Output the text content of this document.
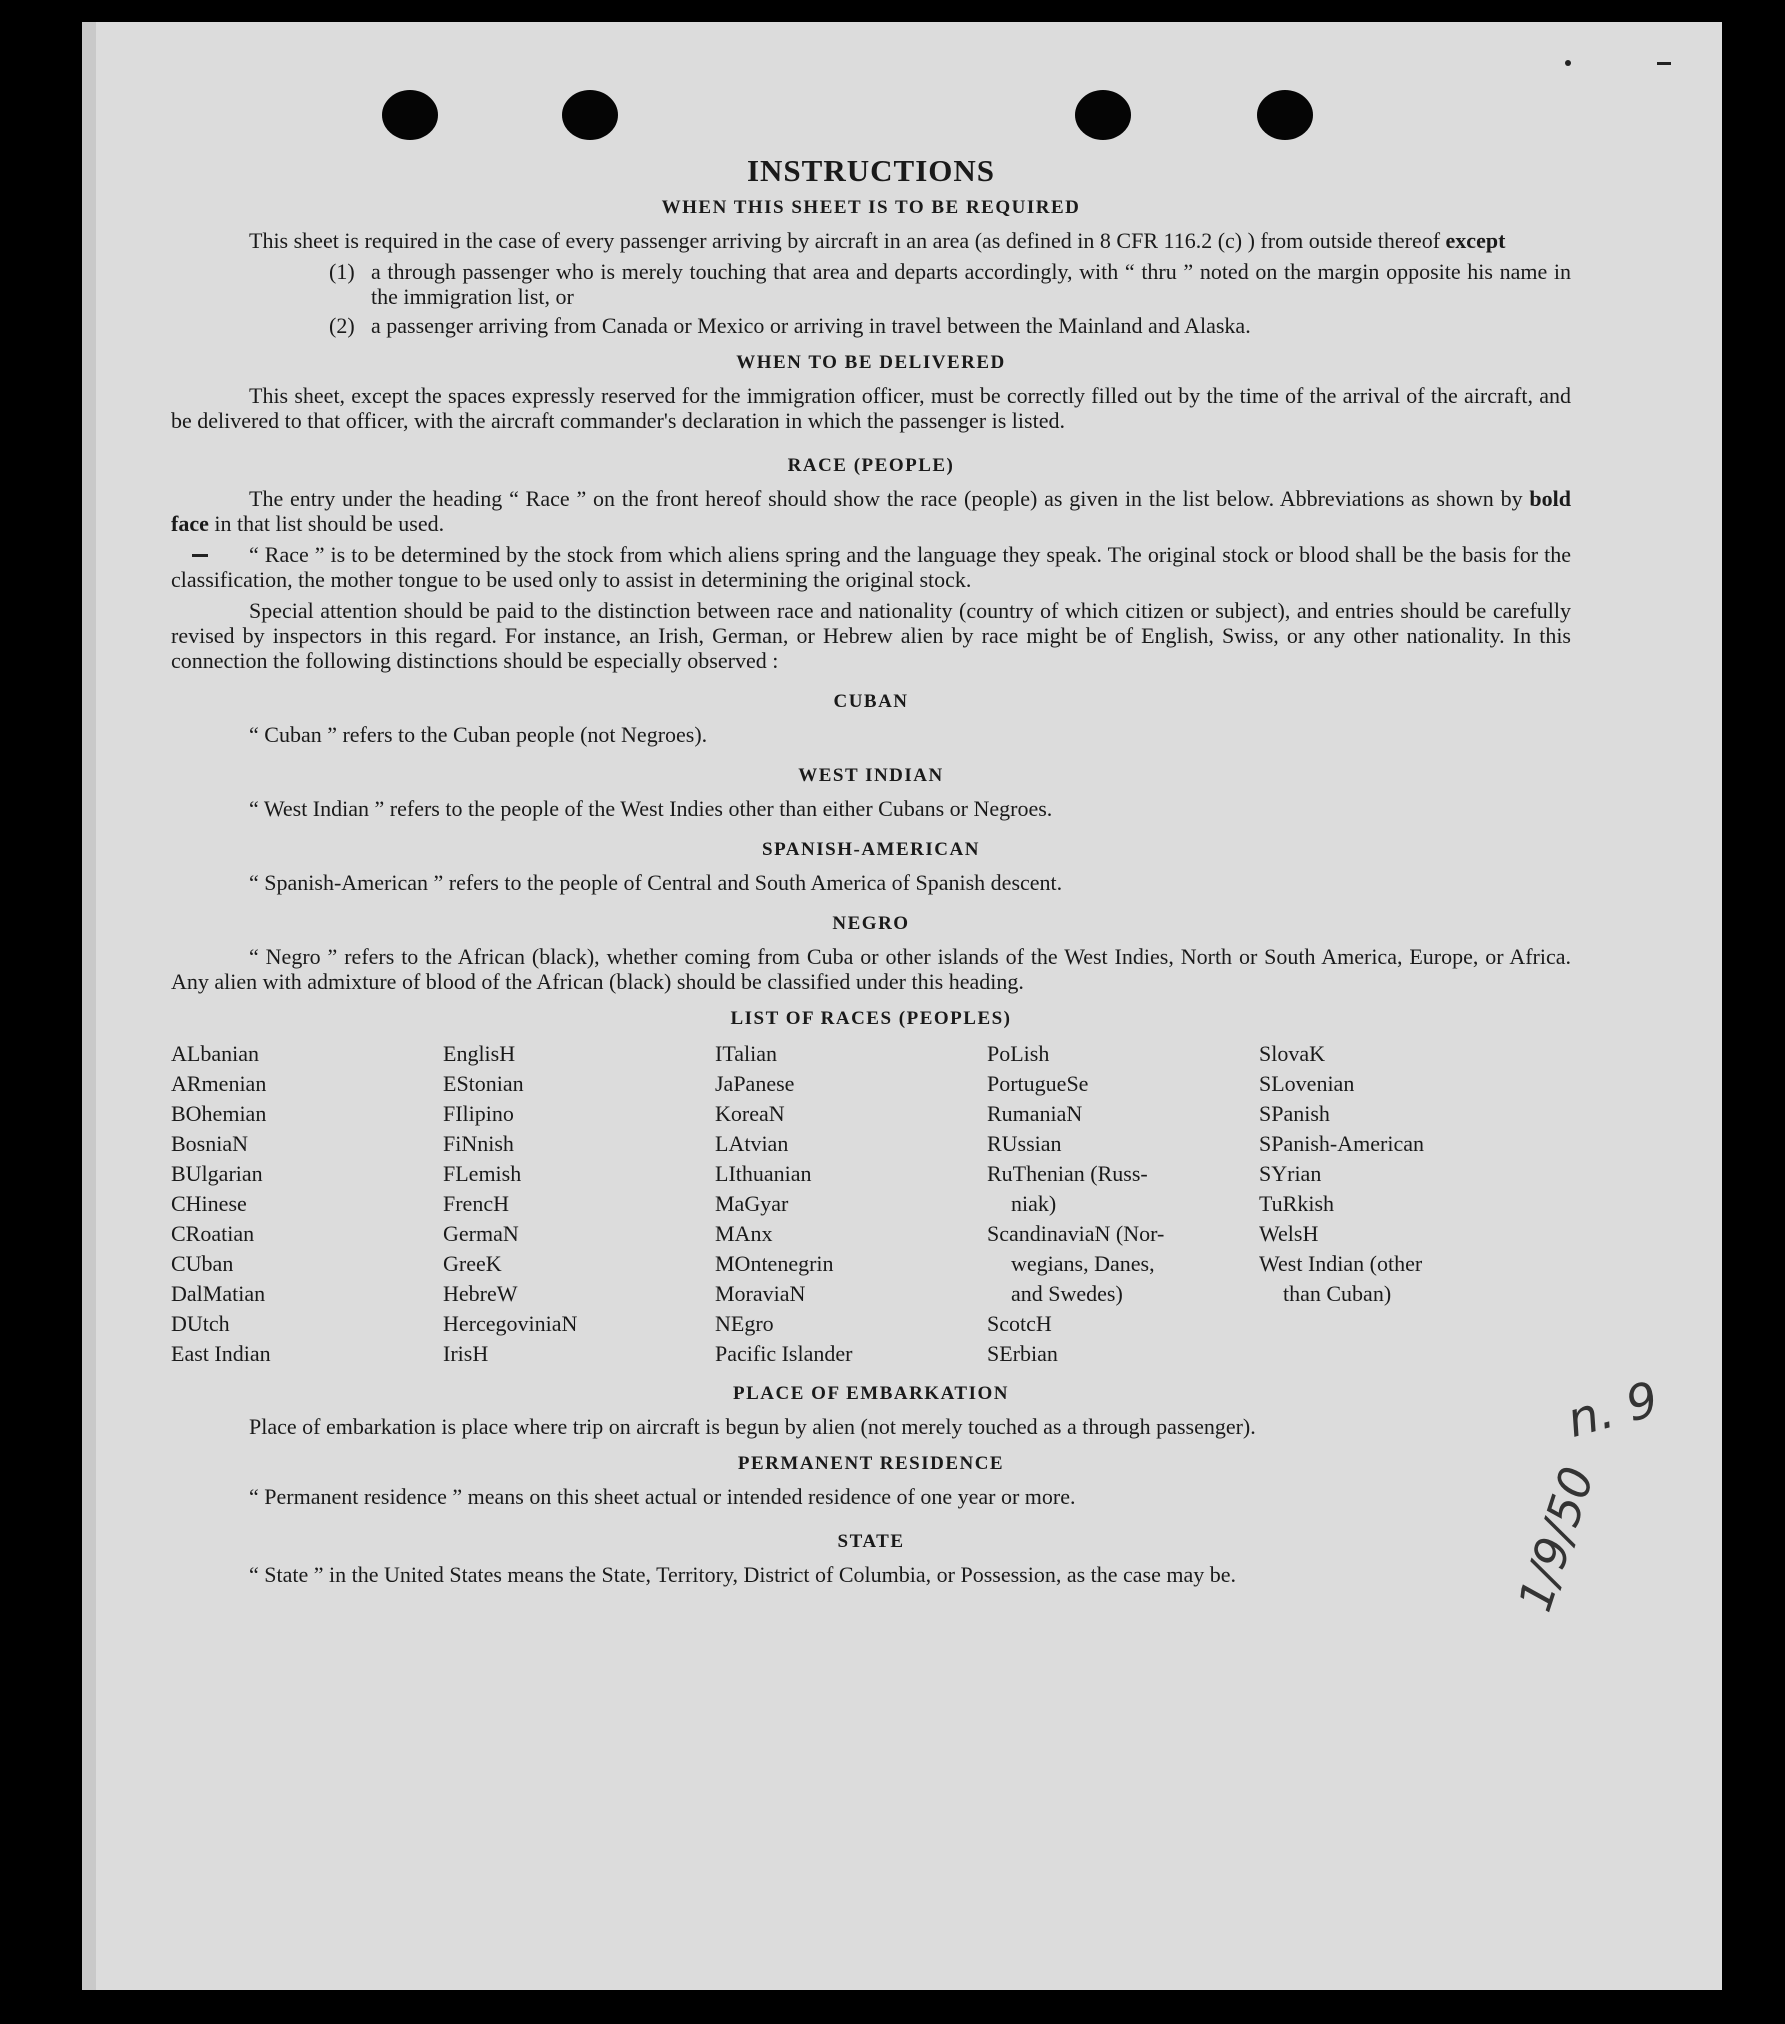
n. 9
1/9/50
INSTRUCTIONS
WHEN THIS SHEET IS TO BE REQUIRED

This sheet is required in the case of every passenger arriving by aircraft in an area (as defined in 8 CFR 116.2 (c) ) from outside thereof except

(1) a through passenger who is merely touching that area and departs accordingly, with “ thru ” noted on the margin opposite his name in the immigration list, or
(2) a passenger arriving from Canada or Mexico or arriving in travel between the Mainland and Alaska.
WHEN TO BE DELIVERED

This sheet, except the spaces expressly reserved for the immigration officer, must be correctly filled out by the time of the arrival of the aircraft, and be delivered to that officer, with the aircraft commander's declaration in which the passenger is listed.

RACE (PEOPLE)

The entry under the heading “ Race ” on the front hereof should show the race (people) as given in the list below. Abbreviations as shown by bold face in that list should be used.

“ Race ” is to be determined by the stock from which aliens spring and the language they speak. The original stock or blood shall be the basis for the classification, the mother tongue to be used only to assist in determining the original stock.

Special attention should be paid to the distinction between race and nationality (country of which citizen or subject), and entries should be carefully revised by inspectors in this regard. For instance, an Irish, German, or Hebrew alien by race might be of English, Swiss, or any other nationality. In this connection the following distinctions should be especially observed :

CUBAN

“ Cuban ” refers to the Cuban people (not Negroes).

WEST INDIAN

“ West Indian ” refers to the people of the West Indies other than either Cubans or Negroes.

SPANISH-AMERICAN

“ Spanish-American ” refers to the people of Central and South America of Spanish descent.

NEGRO

“ Negro ” refers to the African (black), whether coming from Cuba or other islands of the West Indies, North or South America, Europe, or Africa. Any alien with admixture of blood of the African (black) should be classified under this heading.

LIST OF RACES (PEOPLES)
ALbanian
ARmenian
BOhemian
BosniaN
BUlgarian
CHinese
CRoatian
CUban
DalMatian
DUtch
East Indian
EnglisH
EStonian
FIlipino
FiNnish
FLemish
FrencH
GermaN
GreeK
HebreW
HercegoviniaN
IrisH
ITalian
JaPanese
KoreaN
LAtvian
LIthuanian
MaGyar
MAnx
MOntenegrin
MoraviaN
NEgro
Pacific Islander
PoLish
PortugueSe
RumaniaN
RUssian
RuThenian (Russ-
niak)
ScandinaviaN (Nor-
wegians, Danes,
and Swedes)
ScotcH
SErbian
SlovaK
SLovenian
SPanish
SPanish-American
SYrian
TuRkish
WelsH
West Indian (other
than Cuban)
PLACE OF EMBARKATION

Place of embarkation is place where trip on aircraft is begun by alien (not merely touched as a through passenger).

PERMANENT RESIDENCE

“ Permanent residence ” means on this sheet actual or intended residence of one year or more.

STATE

“ State ” in the United States means the State, Territory, District of Columbia, or Possession, as the case may be.
